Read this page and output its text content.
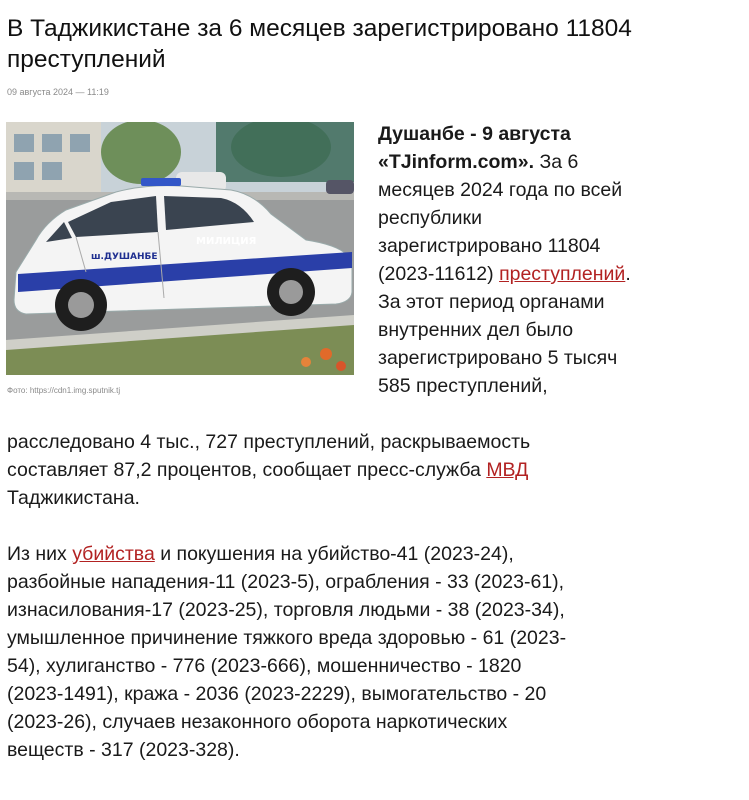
В Таджикистане за 6 месяцев зарегистрировано 11804
преступлений
09 августа 2024 — 11:19
МИЛИЦИЯ
ш.ДУШАНБЕ
Фото: https://cdn1.img.sputnik.tj
Душанбе - 9 августа
«TJinform.com». За 6
месяцев 2024 года по всей
республики
зарегистрировано 11804
(2023-11612) преступлений.
За этот период органами
внутренних дел было
зарегистрировано 5 тысяч
585 преступлений,
расследовано 4 тыс., 727 преступлений, раскрываемость
составляет 87,2 процентов, сообщает пресс-служба МВД
Таджикистана.
Из них убийства и покушения на убийство-41 (2023-24),
разбойные нападения-11 (2023-5), ограбления - 33 (2023-61),
изнасилования-17 (2023-25), торговля людьми - 38 (2023-34),
умышленное причинение тяжкого вреда здоровью - 61 (2023-
54), хулиганство - 776 (2023-666), мошенничество - 1820
(2023-1491), кража - 2036 (2023-2229), вымогательство - 20
(2023-26), случаев незаконного оборота наркотических
веществ - 317 (2023-328).
